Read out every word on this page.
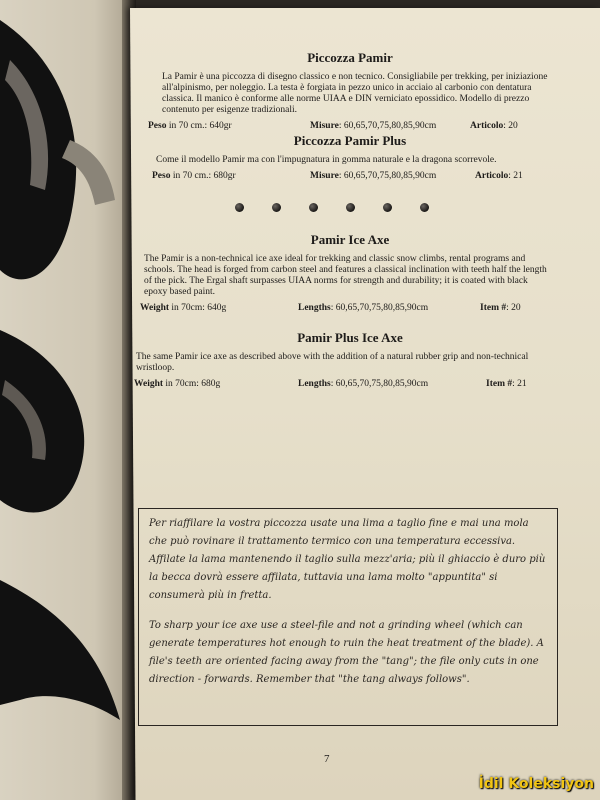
Piccozza Pamir
La Pamir è una piccozza di disegno classico e non tecnico. Consigliabile per trekking, per iniziazione all'alpinismo, per noleggio. La testa è forgiata in pezzo unico in acciaio al carbonio con dentatura classica. Il manico è conforme alle norme UIAA e DIN verniciato epossidico. Modello di prezzo contenuto per esigenze tradizionali.
Peso in 70 cm.: 640gr	Misure: 60,65,70,75,80,85,90cm	Articolo: 20
Piccozza Pamir Plus
Come il modello Pamir ma con l'impugnatura in gomma naturale e la dragona scorrevole.
Peso in 70 cm.: 680gr	Misure: 60,65,70,75,80,85,90cm	Articolo: 21
Pamir Ice Axe
The Pamir is a non-technical ice axe ideal for trekking and classic snow climbs, rental programs and schools. The head is forged from carbon steel and features a classical inclination with teeth half the length of the pick. The Ergal shaft surpasses UIAA norms for strength and durability; it is coated with black epoxy based paint.
Weight in 70cm: 640g	Lengths: 60,65,70,75,80,85,90cm	Item #: 20
Pamir Plus Ice Axe
The same Pamir ice axe as described above with the addition of a natural rubber grip and non-technical wristloop.
Weight in 70cm: 680g	Lengths: 60,65,70,75,80,85,90cm	Item #: 21

Per riaffilare la vostra piccozza usate una lima a taglio fine e mai una mola che può rovinare il trattamento termico con una temperatura eccessiva. Affilate la lama mantenendo il taglio sulla mezz'aria; più il ghiaccio è duro più la becca dovrà essere affilata, tuttavia una lama molto "appuntita" si consumerà più in fretta.

To sharp your ice axe use a steel-file and not a grinding wheel (which can generate temperatures hot enough to ruin the heat treatment of the blade). A file's teeth are oriented facing away from the "tang"; the file only cuts in one direction - forwards. Remember that "the tang always follows".

7
İdil Koleksiyon
